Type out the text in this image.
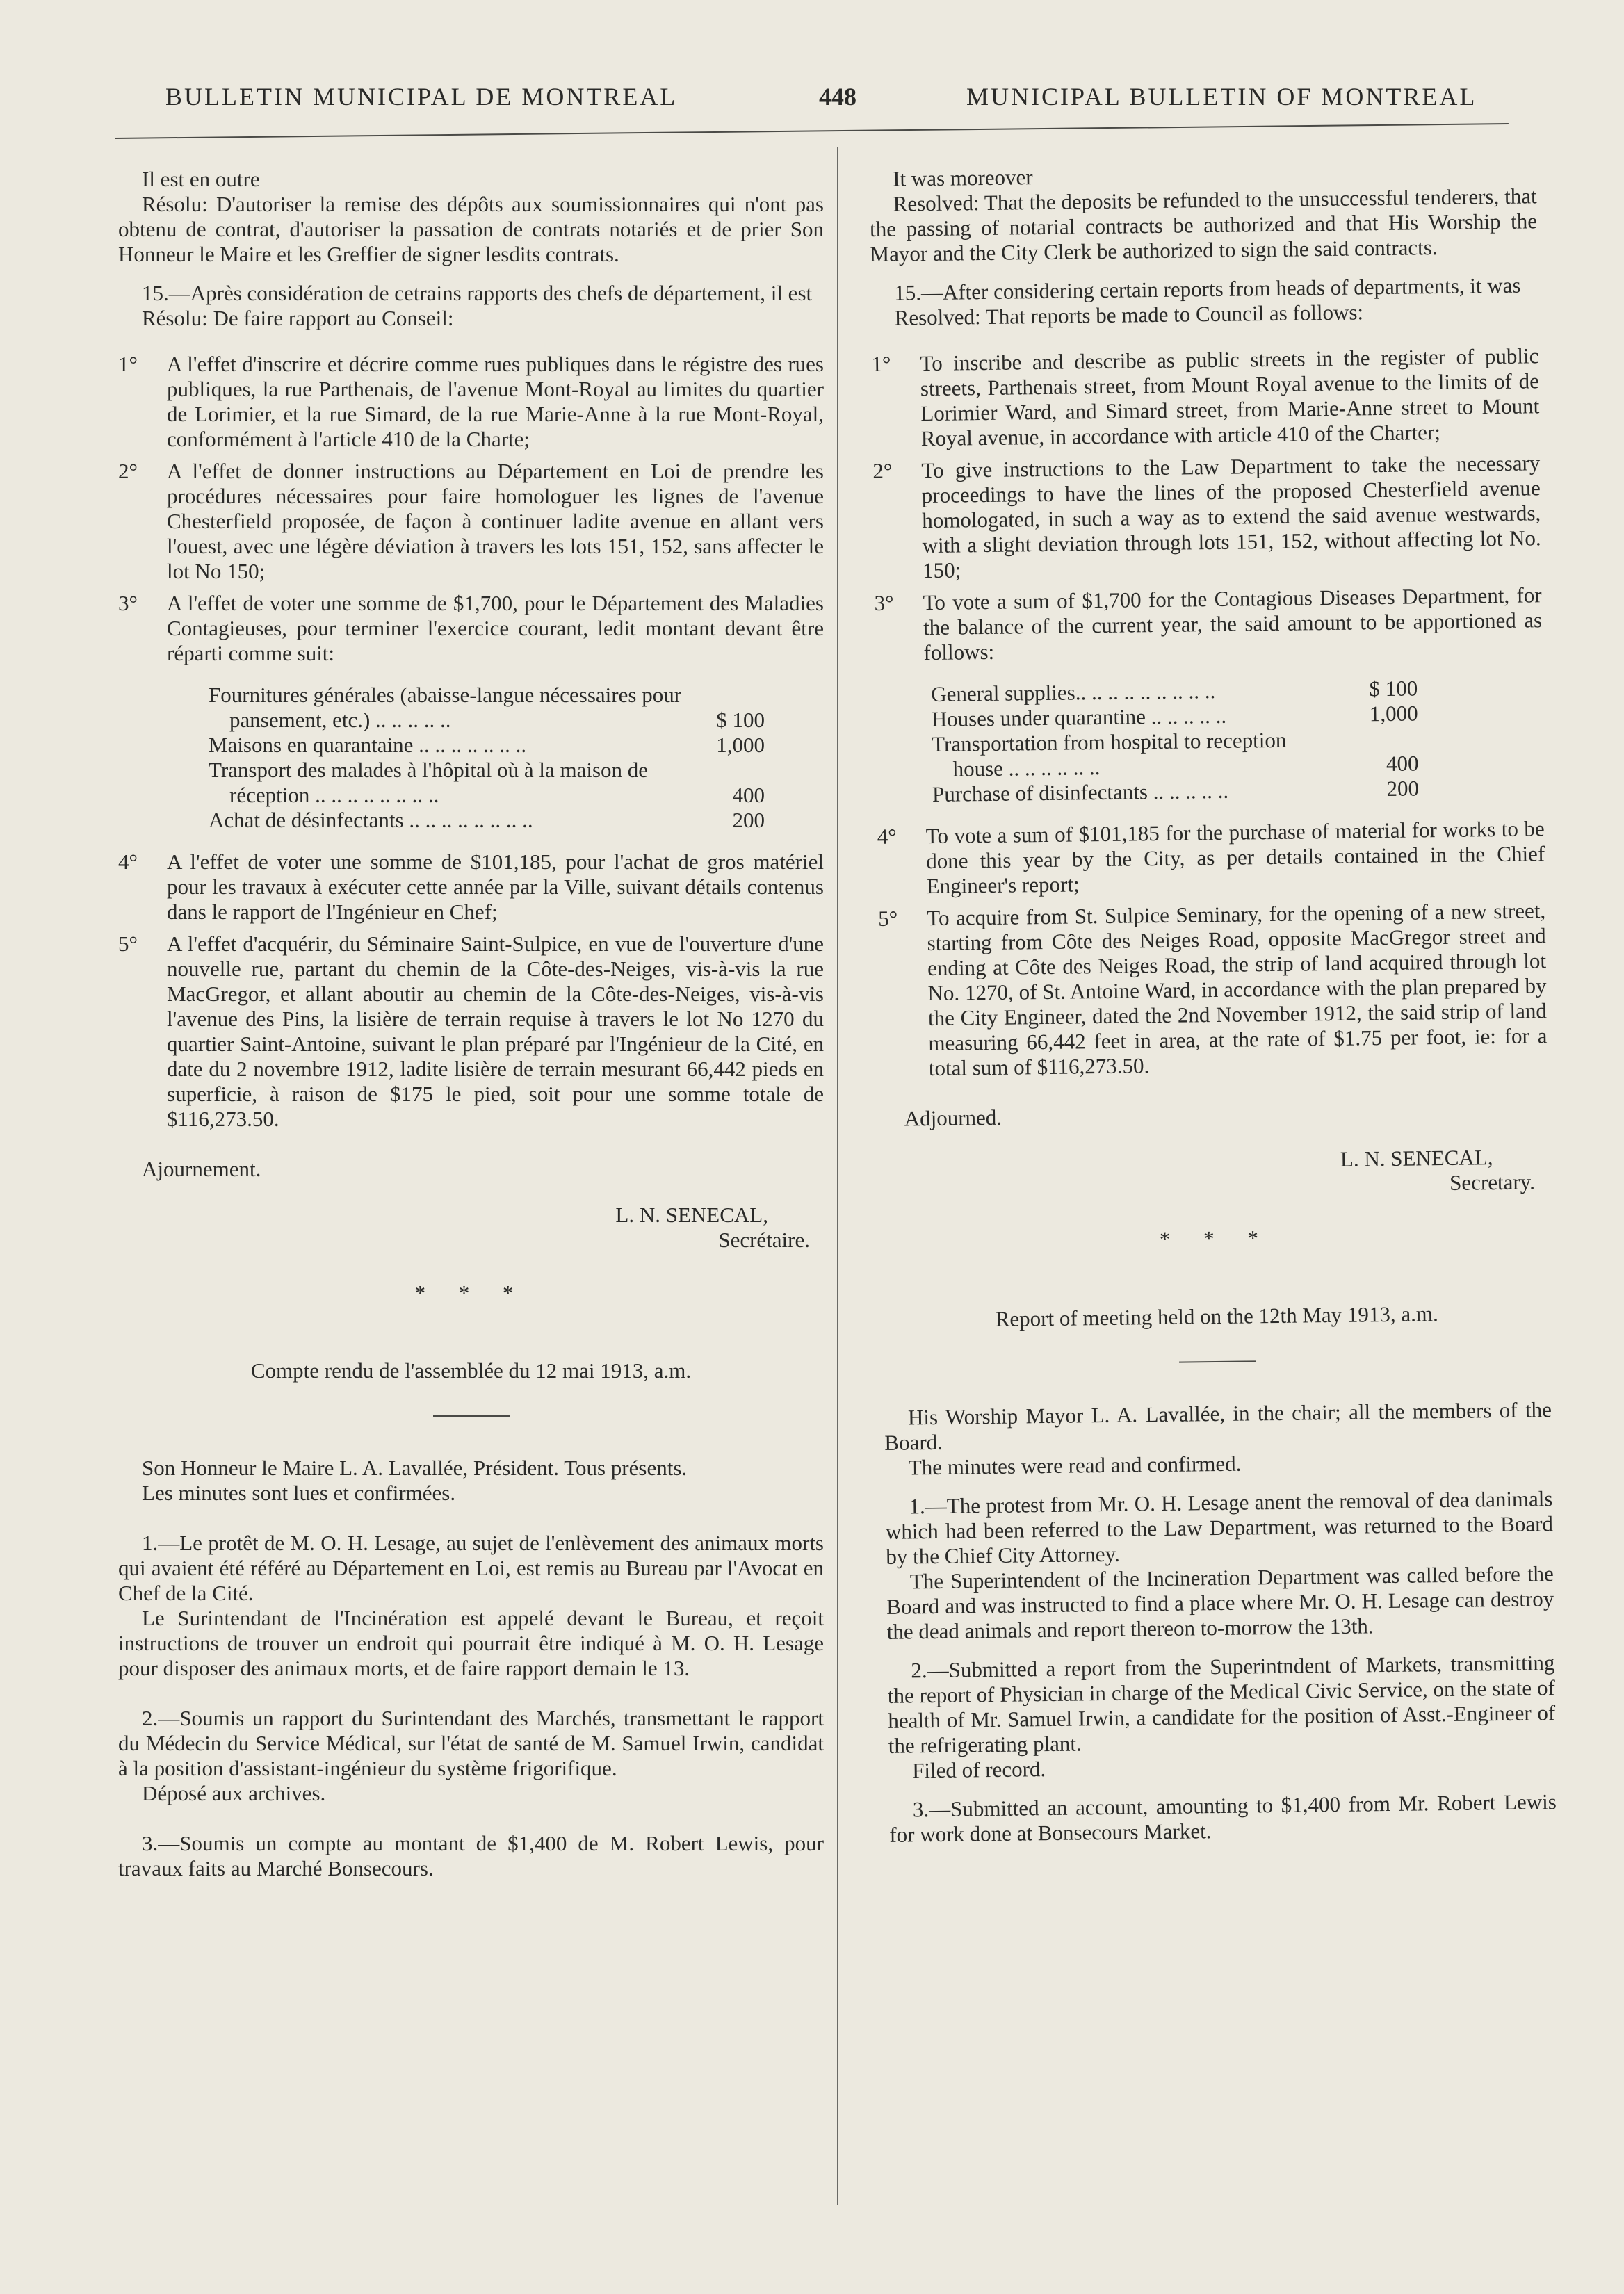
BULLETIN MUNICIPAL DE MONTREAL	448	MUNICIPAL BULLETIN OF MONTREAL

Il est en outre

Résolu: D'autoriser la remise des dépôts aux soumissionnaires qui n'ont pas obtenu de contrat, d'autoriser la passation de contrats notariés et de prier Son Honneur le Maire et les Greffier de signer lesdits contrats.

15.—Après considération de cetrains rapports des chefs de département, il est

Résolu: De faire rapport au Conseil:

1°	A l'effet d'inscrire et décrire comme rues publiques dans le régistre des rues publiques, la rue Parthenais, de l'avenue Mont-Royal au limites du quartier de Lorimier, et la rue Simard, de la rue Marie-Anne à la rue Mont-Royal, conformément à l'article 410 de la Charte;
2°	A l'effet de donner instructions au Département en Loi de prendre les procédures nécessaires pour faire homologuer les lignes de l'avenue Chesterfield proposée, de façon à continuer ladite avenue en allant vers l'ouest, avec une légère déviation à travers les lots 151, 152, sans affecter le lot No 150;
3°	A l'effet de voter une somme de $1,700, pour le Département des Maladies Contagieuses, pour terminer l'exercice courant, ledit montant devant être réparti comme suit:
Fournitures générales (abaisse-langue nécessaires pour pansement, etc.) .. .. .. .. ..	$ 100
Maisons en quarantaine .. .. .. .. .. .. ..	1,000
Transport des malades à l'hôpital où à la maison de réception .. .. .. .. .. .. .. ..	400
Achat de désinfectants .. .. .. .. .. .. .. ..	200
4°	A l'effet de voter une somme de $101,185, pour l'achat de gros matériel pour les travaux à exécuter cette année par la Ville, suivant détails contenus dans le rapport de l'Ingénieur en Chef;
5°	A l'effet d'acquérir, du Séminaire Saint-Sulpice, en vue de l'ouverture d'une nouvelle rue, partant du chemin de la Côte-des-Neiges, vis-à-vis la rue MacGregor, et allant aboutir au chemin de la Côte-des-Neiges, vis-à-vis l'avenue des Pins, la lisière de terrain requise à travers le lot No 1270 du quartier Saint-Antoine, suivant le plan préparé par l'Ingénieur de la Cité, en date du 2 novembre 1912, ladite lisière de terrain mesurant 66,442 pieds en superficie, à raison de $175 le pied, soit pour une somme totale de $116,273.50.

Ajournement.

L. N. SENECAL,

Secrétaire.

* * *

Compte rendu de l'assemblée du 12 mai 1913, a.m.

Son Honneur le Maire L. A. Lavallée, Président. Tous présents.

Les minutes sont lues et confirmées.

1.—Le protêt de M. O. H. Lesage, au sujet de l'enlèvement des animaux morts qui avaient été référé au Département en Loi, est remis au Bureau par l'Avocat en Chef de la Cité.

Le Surintendant de l'Incinération est appelé devant le Bureau, et reçoit instructions de trouver un endroit qui pourrait être indiqué à M. O. H. Lesage pour disposer des animaux morts, et de faire rapport demain le 13.

2.—Soumis un rapport du Surintendant des Marchés, transmettant le rapport du Médecin du Service Médical, sur l'état de santé de M. Samuel Irwin, candidat à la position d'assistant-ingénieur du système frigorifique.

Déposé aux archives.

3.—Soumis un compte au montant de $1,400 de M. Robert Lewis, pour travaux faits au Marché Bonsecours.

It was moreover

Resolved: That the deposits be refunded to the unsuccessful tenderers, that the passing of notarial contracts be authorized and that His Worship the Mayor and the City Clerk be authorized to sign the said contracts.

15.—After considering certain reports from heads of departments, it was

Resolved: That reports be made to Council as follows:

1°	To inscribe and describe as public streets in the register of public streets, Parthenais street, from Mount Royal avenue to the limits of de Lorimier Ward, and Simard street, from Marie-Anne street to Mount Royal avenue, in accordance with article 410 of the Charter;
2°	To give instructions to the Law Department to take the necessary proceedings to have the lines of the proposed Chesterfield avenue homologated, in such a way as to extend the said avenue westwards, with a slight deviation through lots 151, 152, without affecting lot No. 150;
3°	To vote a sum of $1,700 for the Contagious Diseases Department, for the balance of the current year, the said amount to be apportioned as follows:
General supplies.. .. .. .. .. .. .. .. ..	$ 100
Houses under quarantine .. .. .. .. ..	1,000
Transportation from hospital to reception house .. .. .. .. .. ..	400
Purchase of disinfectants .. .. .. .. ..	200
4°	To vote a sum of $101,185 for the purchase of material for works to be done this year by the City, as per details contained in the Chief Engineer's report;
5°	To acquire from St. Sulpice Seminary, for the opening of a new street, starting from Côte des Neiges Road, opposite MacGregor street and ending at Côte des Neiges Road, the strip of land acquired through lot No. 1270, of St. Antoine Ward, in accordance with the plan prepared by the City Engineer, dated the 2nd November 1912, the said strip of land measuring 66,442 feet in area, at the rate of $1.75 per foot, ie: for a total sum of $116,273.50.

Adjourned.

L. N. SENECAL,

Secretary.

* * *

Report of meeting held on the 12th May 1913, a.m.

His Worship Mayor L. A. Lavallée, in the chair; all the members of the Board.

The minutes were read and confirmed.

1.—The protest from Mr. O. H. Lesage anent the removal of dea danimals which had been referred to the Law Department, was returned to the Board by the Chief City Attorney.

The Superintendent of the Incineration Department was called before the Board and was instructed to find a place where Mr. O. H. Lesage can destroy the dead animals and report thereon to-morrow the 13th.

2.—Submitted a report from the Superintndent of Markets, transmitting the report of Physician in charge of the Medical Civic Service, on the state of health of Mr. Samuel Irwin, a candidate for the position of Asst.-Engineer of the refrigerating plant.

Filed of record.

3.—Submitted an account, amounting to $1,400 from Mr. Robert Lewis for work done at Bonsecours Market.
